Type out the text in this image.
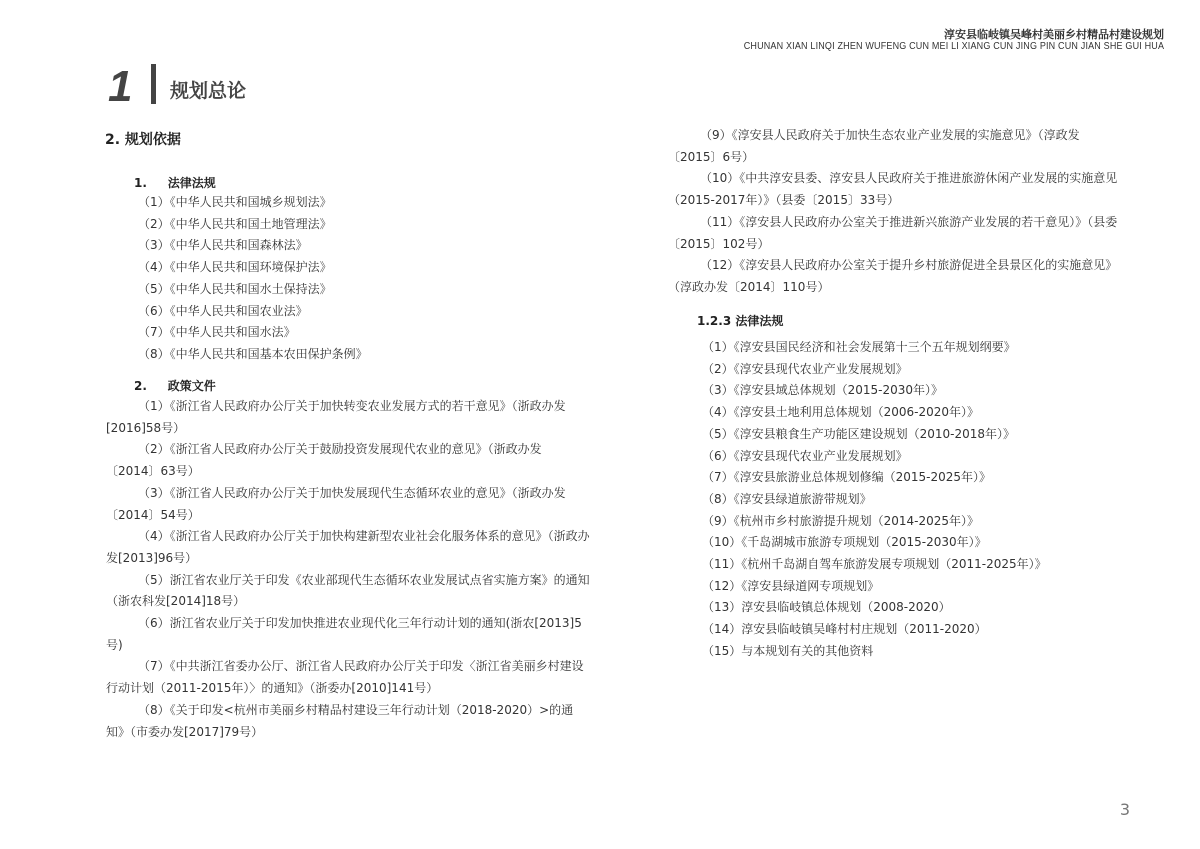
淳安县临岐镇吴峰村美丽乡村精品村建设规划
CHUNAN XIAN LINQI ZHEN WUFENG CUN MEI LI XIANG CUN JING PIN CUN JIAN SHE GUI HUA
1 规划总论
2. 规划依据
1.     法律法规

（1）《中华人民共和国城乡规划法》

（2）《中华人民共和国土地管理法》

（3）《中华人民共和国森林法》

（4）《中华人民共和国环境保护法》

（5）《中华人民共和国水土保持法》

（6）《中华人民共和国农业法》

（7）《中华人民共和国水法》

（8）《中华人民共和国基本农田保护条例》

2.     政策文件

（1）《浙江省人民政府办公厅关于加快转变农业发展方式的若干意见》（浙政办发[2016]58号）

（2）《浙江省人民政府办公厅关于鼓励投资发展现代农业的意见》（浙政办发〔2014〕63号）

（3）《浙江省人民政府办公厅关于加快发展现代生态循环农业的意见》（浙政办发〔2014〕54号）

（4）《浙江省人民政府办公厅关于加快构建新型农业社会化服务体系的意见》（浙政办发[2013]96号）

（5）浙江省农业厅关于印发《农业部现代生态循环农业发展试点省实施方案》的通知（浙农科发[2014]18号）

（6）浙江省农业厅关于印发加快推进农业现代化三年行动计划的通知(浙农[2013]5号)

（7）《中共浙江省委办公厅、浙江省人民政府办公厅关于印发〈浙江省美丽乡村建设行动计划（2011-2015年）〉的通知》（浙委办[2010]141号）

（8）《关于印发<杭州市美丽乡村精品村建设三年行动计划（2018-2020）>的通知》（市委办发[2017]79号）

（9）《淳安县人民政府关于加快生态农业产业发展的实施意见》（淳政发〔2015〕6号）

（10）《中共淳安县委、淳安县人民政府关于推进旅游休闲产业发展的实施意见（2015-2017年）》（县委〔2015〕33号）

（11）《淳安县人民政府办公室关于推进新兴旅游产业发展的若干意见）》（县委〔2015〕102号）

（12）《淳安县人民政府办公室关于提升乡村旅游促进全县景区化的实施意见》（淳政办发〔2014〕110号）

1.2.3 法律法规

（1）《淳安县国民经济和社会发展第十三个五年规划纲要》

（2）《淳安县现代农业产业发展规划》

（3）《淳安县域总体规划（2015-2030年）》

（4）《淳安县土地利用总体规划（2006-2020年）》

（5）《淳安县粮食生产功能区建设规划（2010-2018年）》

（6）《淳安县现代农业产业发展规划》

（7）《淳安县旅游业总体规划修编（2015-2025年）》

（8）《淳安县绿道旅游带规划》

（9）《杭州市乡村旅游提升规划（2014-2025年）》

（10）《千岛湖城市旅游专项规划（2015-2030年）》

（11）《杭州千岛湖自驾车旅游发展专项规划（2011-2025年）》

（12）《淳安县绿道网专项规划》

（13）淳安县临岐镇总体规划（2008-2020）

（14）淳安县临岐镇吴峰村村庄规划（2011-2020）

（15）与本规划有关的其他资料

3
